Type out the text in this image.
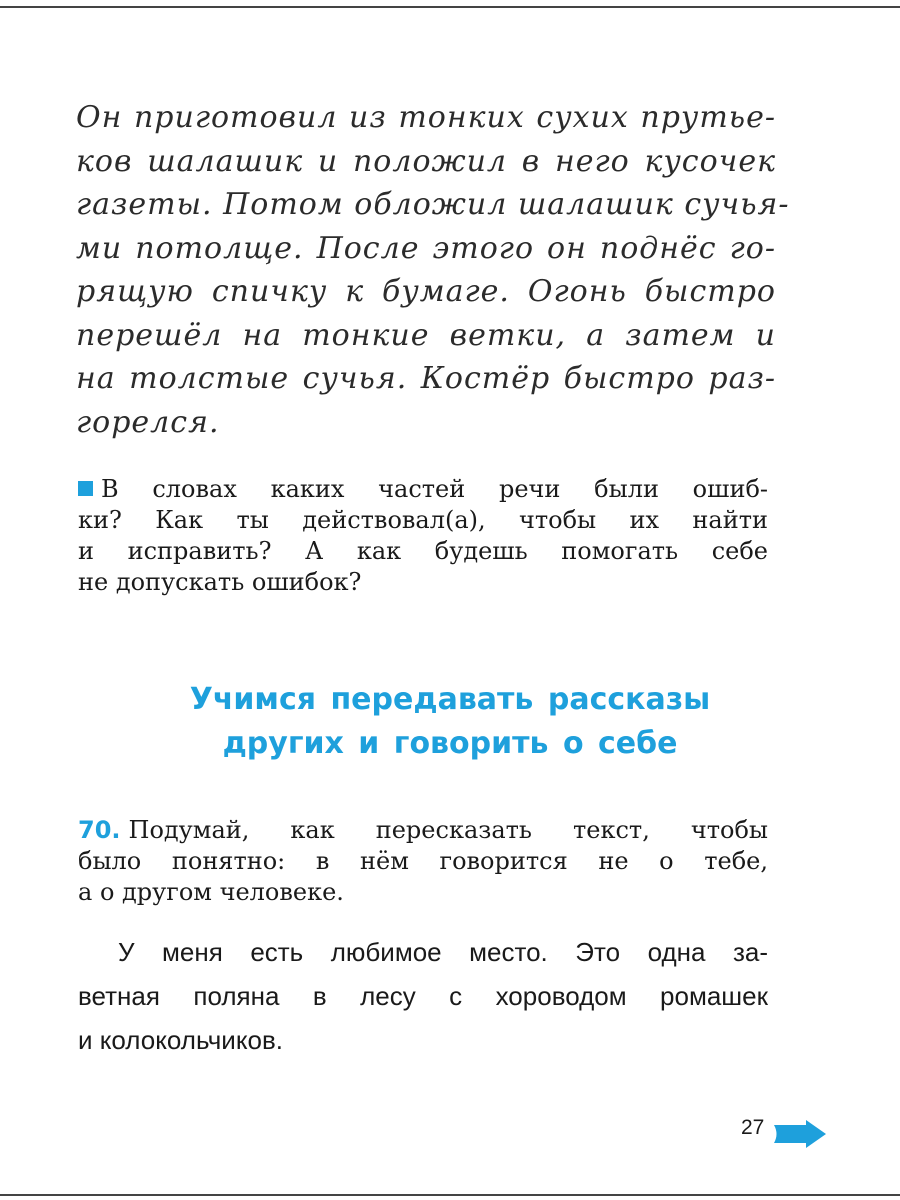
Он приготовил из тонких сухих прутье-
ков шалашик и положил в него кусочек
газеты. Потом обложил шалашик сучья-
ми потолще. После этого он поднёс го-
рящую спичку к бумаге. Огонь быстро
перешёл на тонкие ветки, а затем и
на толстые сучья. Костёр быстро раз-
горелся.
В словах каких частей речи были ошиб-
ки? Как ты действовал(а), чтобы их найти
и исправить? А как будешь помогать себе
не допускать ошибок?
Учимся передавать рассказы
других и говорить о себе
70. Подумай, как пересказать текст, чтобы
было понятно: в нём говорится не о тебе,
а о другом человеке.
У меня есть любимое место. Это одна за-
ветная поляна в лесу с хороводом ромашек
и колокольчиков.
27
